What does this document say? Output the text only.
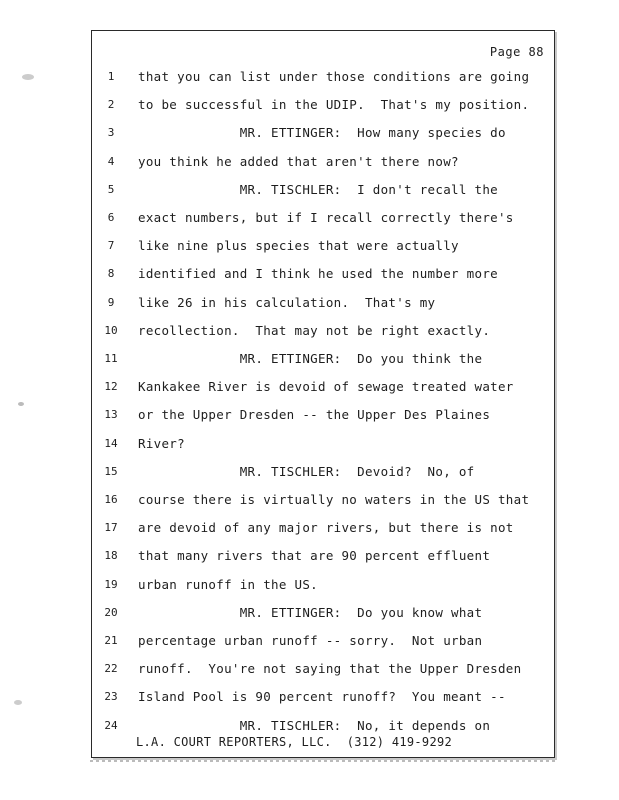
Page 88
1	that you can list under those conditions are going
2	to be successful in the UDIP.  That's my position.
3	MR. ETTINGER:  How many species do
4	you think he added that aren't there now?
5	MR. TISCHLER:  I don't recall the
6	exact numbers, but if I recall correctly there's
7	like nine plus species that were actually
8	identified and I think he used the number more
9	like 26 in his calculation.  That's my
10	recollection.  That may not be right exactly.
11	MR. ETTINGER:  Do you think the
12	Kankakee River is devoid of sewage treated water
13	or the Upper Dresden -- the Upper Des Plaines
14	River?
15	MR. TISCHLER:  Devoid?  No, of
16	course there is virtually no waters in the US that
17	are devoid of any major rivers, but there is not
18	that many rivers that are 90 percent effluent
19	urban runoff in the US.
20	MR. ETTINGER:  Do you know what
21	percentage urban runoff -- sorry.  Not urban
22	runoff.  You're not saying that the Upper Dresden
23	Island Pool is 90 percent runoff?  You meant --
24	MR. TISCHLER:  No, it depends on
L.A. COURT REPORTERS, LLC.  (312) 419-9292
